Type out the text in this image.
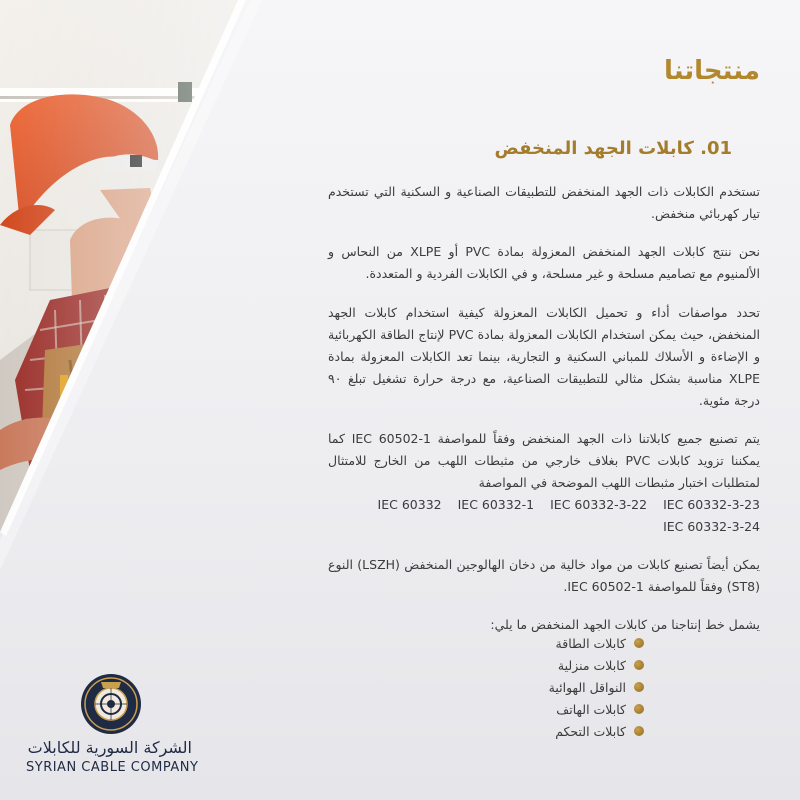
منتجاتنا
01. كابلات الجهد المنخفض

تستخدم الكابلات ذات الجهد المنخفض للتطبيقات الصناعية و السكنية التي تستخدم تيار كهربائي منخفض.

نحن ننتج كابلات الجهد المنخفض المعزولة بمادة PVC أو XLPE من النحاس و الألمنيوم مع تصاميم مسلحة و غير مسلحة، و في الكابلات الفردية و المتعددة.

تحدد مواصفات أداء و تحميل الكابلات المعزولة كيفية استخدام كابلات الجهد المنخفض، حيث يمكن استخدام الكابلات المعزولة بمادة PVC لإنتاج الطاقة الكهربائية و الإضاءة و الأسلاك للمباني السكنية و التجارية، بينما تعد الكابلات المعزولة بمادة XLPE مناسبة بشكل مثالي للتطبيقات الصناعية، مع درجة حرارة تشغيل تبلغ ٩٠ درجة مئوية.

يتم تصنيع جميع كابلاتنا ذات الجهد المنخفض وفقاً للمواصفة IEC 60502-1 كما يمكننا تزويد كابلات PVC بغلاف خارجي من مثبطات اللهب من الخارج للامتثال لمتطلبات اختبار مثبطات اللهب الموضحة في المواصفة
IEC 60332-3-23
IEC 60332-3-22
IEC 60332-1
IEC 60332
IEC 60332-3-24

يمكن أيضاً تصنيع كابلات من مواد خالية من دخان الهالوجين المنخفض (LSZH) النوع (ST8) وفقاً للمواصفة IEC 60502-1.

يشمل خط إنتاجنا من كابلات الجهد المنخفض ما يلي:

كابلات الطاقة
كابلات منزلية
النواقل الهوائية
كابلات الهاتف
كابلات التحكم

الشركة السورية للكابلات

SYRIAN CABLE COMPANY
